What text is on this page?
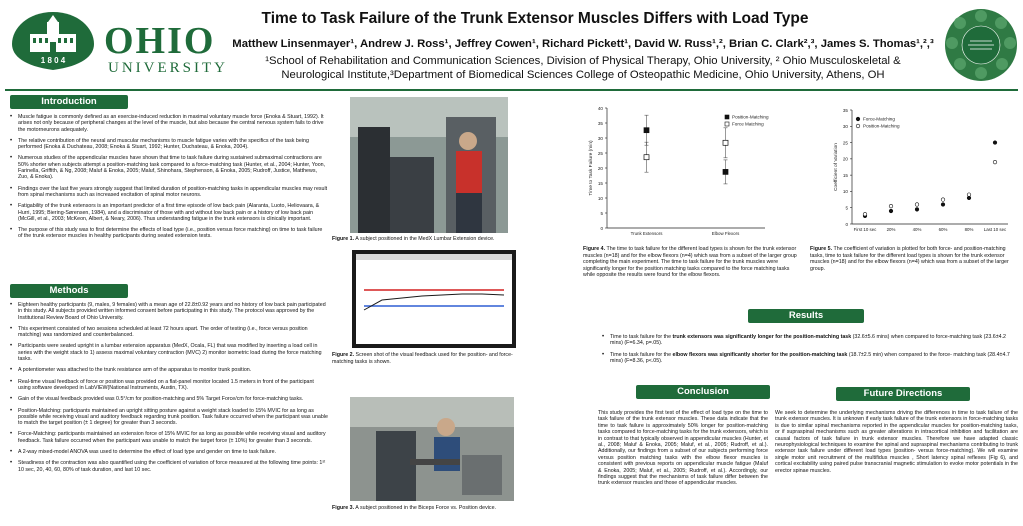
1 8 0 4 OHIO
UNIVERSITY
Time to Task Failure of the Trunk Extensor Muscles Differs with Load Type
Matthew Linsenmayer¹, Andrew J. Ross¹, Jeffrey Cowen¹, Richard Pickett¹, David W. Russ¹,², Brian C. Clark²,³, James S. Thomas¹,²,³
¹School of Rehabilitation and Communication Sciences, Division of Physical Therapy, Ohio University, ² Ohio Musculoskeletal &
Neurological Institute,³Department of Biomedical Sciences College of Osteopathic Medicine, Ohio University, Athens, OH
Introduction
• Muscle fatigue is commonly defined as an exercise-induced reduction in maximal voluntary muscle force (Enoka & Stuart, 1992). It arises not only because of peripheral changes at the level of the muscle, but also because the central nervous system fails to drive the motorneurons adequately.
• The relative contribution of the neural and muscular mechanisms to muscle fatigue varies with the specifics of the task being performed (Enoka & Duchateau, 2008; Enoka & Stuart, 1992; Hunter, Duchateau, & Enoka, 2004).
• Numerous studies of the appendicular muscles have shown that time to task failure during sustained submaximal contractions are 50% shorter when subjects attempt a position-matching task compared to a force-matching task (Hunter, et al., 2004; Hunter, Yoon, Farinella, Griffith, & Ng, 2008; Maluf & Enoka, 2005; Maluf, Shinohara, Stephenson, & Enoka, 2005; Rudroff, Justice, Matthews, Zuo, & Enoka).
• Findings over the last five years strongly suggest that limited duration of position-matching tasks in appendicular muscles may result from spinal mechanisms such as increased excitation of spinal motor neurons.
• Fatigability of the trunk extensors is an important predictor of a first time episode of low back pain (Alaranta, Luoto, Heliovaara, & Hurri, 1995; Biering-Sørensen, 1984), and a discriminator of those with and without low back pain or a history of low back pain (McGill, et al., 2003; McKeon, Albert, & Neary, 2006). Thus understanding fatigue in the trunk extensors is clinically important.
• The purpose of this study was to first determine the effects of load type (i.e., position versus force matching) on time to task failure of the trunk extensor muscles in healthy participants during seated extension tests.
Methods
• Eighteen healthy participants (9, males, 9 females) with a mean age of 22.8±0.92 years and no history of low back pain participated in this study. All subjects provided written informed consent before participating in this study. The protocol was approved by the Institutional Review Board of Ohio University.
• This experiment consisted of two sessions scheduled at least 72 hours apart. The order of testing (i.e., force versus position matching) was randomized and counterbalanced.
• Participants were seated upright in a lumbar extension apparatus (MedX, Ocala, FL) that was modified by inserting a load cell in series with the weight stack to 1) assess maximal voluntary contraction (MVC) 2) monitor isometric load during the force matching tasks.
• A potentiometer was attached to the trunk resistance arm of the apparatus to monitor trunk position.
• Real-time visual feedback of force or position was provided on a flat-panel monitor located 1.5 meters in front of the participant using software developed in LabVIEW(National Instruments, Austin, TX).
• Gain of the visual feedback provided was 0.5°/cm for position-matching and 5% Target Force/cm for force-matching tasks.
• Position-Matching: participants maintained an upright sitting posture against a weight stack loaded to 15% MVIC for as long as possible while receiving visual and auditory feedback regarding trunk position. Task failure occurred when the participant was unable to match the target position (± 1 degree) for greater than 3 seconds.
• Force-Matching: participants maintained an extension force of 15% MVIC for as long as possible while receiving visual and auditory feedback. Task failure occurred when the participant was unable to match the target force (± 10%) for greater than 3 seconds.
• A 2-way mixed-model ANOVA was used to determine the effect of load type and gender on time to task failure.
• Steadiness of the contraction was also quantified using the coefficient of variation of force measured at the following time points: 1ˢᵗ 10 sec, 20, 40, 60, 80% of task duration, and last 10 sec.
Figure 1. A subject positioned in the MedX Lumbar Extension device.
Figure 2. Screen shot of the visual feedback used for the position- and force-matching tasks is shown.
Figure 3. A subject positioned in the Biceps Force vs. Position device.
0
5
10
15
20
25
30
35
40
Trunk Extensors	Elbow Flexors
Time to Task Failure (min)
Position-Matching
Force Matching
Figure 4. The time to task failure for the different load types is shown for the trunk extensor muscles (n=18) and for the elbow flexors (n=4) which was from a subset of the larger group completing the main experiment. The time to task failure for the trunk muscles were significantly longer for the position matching tasks compared to the force matching tasks while opposite the results were found for the elbow flexors.
0
5
10
15
20
25
30
35
First 10 sec 20%	40%	60%	80% Last 10 sec
Coefficient of Variation
Force-Matching
Position-Matching
Figure 5. The coefficient of variation is plotted for both force- and position-matching tasks, time to task failure for the different load types is shown for the trunk extensor muscles (n=18) and for the elbow flexors (n=4) which was from a subset of the larger group.
Results
• Time to task failure for the trunk extensors was significantly longer for the position-matching task (32.6±5.6 mins) when compared to force-matching task (23.6±4.2 mins) (F=6.34, p=.05).
• Time to task failure for the elbow flexors was significantly shorter for the position-matching task (18.7±2.5 min) when compared to the force- matching task (28.4±4.7 mins) (F=8.36, p<.05).
Conclusion
This study provides the first test of the effect of load type on the time to task failure of the trunk extensor muscles. These data indicate that the time to task failure is approximately 50% longer for position-matching tasks compared to force-matching tasks for the trunk extensors, which is in contrast to that typically observed in appendicular muscles (Hunter, et al., 2008; Maluf & Enoka, 2005; Maluf, et al., 2005; Rudroff, et al.). Additionally, our findings from a subset of our subjects performing force versus position matching tasks with the elbow flexor muscles is consistent with previous reports on appendicular muscle fatigue (Maluf & Enoka, 2005; Maluf, et al., 2005; Rudroff, et al.). Accordingly, our findings suggest that the mechanisms of task failure differ between the trunk extensor muscles and those of appendicular muscles.
Future Directions
We seek to determine the underlying mechanisms driving the differences in time to task failure of the trunk extensor muscles. It is unknown if early task failure of the trunk extensors in force-matching tasks is due to similar spinal mechanisms reported in the appendicular muscles for position-matching tasks, or if supraspinal mechanisms such as greater alterations in intracortical inhibition and facilitation are causal factors of task failure in trunk extensor muscles. Therefore we have adapted classic neurophysiological techniques to examine the spinal and supraspinal mechanisms contributing to trunk extensor task failure under different load types (position- versus force-matching). We will examine single motor unit recruitment of the multifidus muscles , Short latency spinal reflexes (Fig 6), and cortical excitability using paired pulse transcranial magnetic stimulation to evoke motor potentials in the erector spinae muscles.
